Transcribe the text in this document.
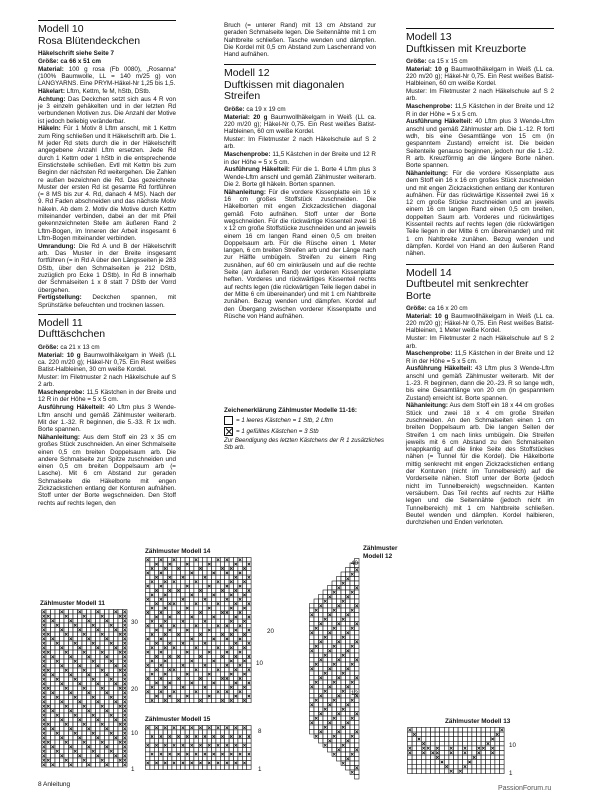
Modell 10
Rosa Blütendeckchen

Häkelschrift siehe Seite 7

Größe: ca 66 x 51 cm

Material: 100 g rosa (Fb 0080), „Rosanna“ (100% Baumwolle, LL = 140 m/25 g) von LANGYARNS. Eine PRYM-Häkel-Nr 1,25 bis 1,5.

Häkelart: Lftm, Kettm, fe M, hStb, DStb.

Achtung: Das Deckchen setzt sich aus 4 R von je 3 einzeln gehäkelten und in der letzten Rd verbundenen Motiven zus. Die Anzahl der Motive ist jedoch beliebig veränderbar.

Häkeln: Für 1 Motiv 8 Lftm anschl, mit 1 Kettm zum Ring schließen und lt Häkelschrift arb. Die 1. M jeder Rd stets durch die in der Häkelschrift angegebene Anzahl Lftm ersetzen. Jede Rd durch 1 Kettm oder 1 hStb in die entsprechende Einstichstelle schließen. Evtl mit Kettm bis zum Beginn der nächsten Rd weitergehen. Die Zahlen re außen bezeichnen die Rd. Das gezeichnete Muster der ersten Rd ist gesamte Rd fortführen (= 8 MS bis zur 4. Rd, danach 4 MS). Nach der 9. Rd Faden abschneiden und das nächste Motiv häkeln. Ab dem 2. Motiv die Motive durch Kettm miteinander verbinden, dabei an der mit Pfeil gekennzeichneten Stelle am äußeren Rand 2 Lftm-Bogen, im Inneren der Arbeit insgesamt 6 Lftm-Bogen miteinander verbinden.

Umrandung: Die Rd A und B der Häkelschrift arb. Das Muster in der Breite insgesamt fortführen (= in Rd A über den Längsseiten je 283 DStb, über den Schmalseiten je 212 DStb, zuzüglich pro Ecke 1 DStb). In Rd B innerhalb der Schmalseiten 1 x 8 statt 7 DStb der Vorrd übergehen.

Fertigstellung: Deckchen spannen, mit Sprühstärke befeuchten und trocknen lassen.

Modell 11
Dufttäschchen

Größe: ca 21 x 13 cm

Material: 10 g Baumwollhäkelgarn in Weiß (LL ca. 220 m/20 g); Häkel-Nr 0,75. Ein Rest weißes Batist-Halbleinen, 30 cm weiße Kordel.

Muster: Im Filetmuster 2 nach Häkelschule auf S 2 arb.

Maschenprobe: 11,5 Kästchen in der Breite und 12 R in der Höhe = 5 x 5 cm.

Ausführung Häkelteil: 40 Lftm plus 3 Wende-Lftm anschl und gemäß Zählmuster weiterarb. Mit der 1.-32. R beginnen, die 5.-33. R 1x wdh. Borte spannen.

Nähanleitung: Aus dem Stoff ein 23 x 35 cm großes Stück zuschneiden. An einer Schmalseite einen 0,5 cm breiten Doppelsaum arb. Die andere Schmalseite zur Spitze zuschneiden und einen 0,5 cm breiten Doppelsaum arb (= Lasche). Mit 6 cm Abstand zur geraden Schmalseite die Häkelborte mit engen Zickzackstichen entlang der Konturen aufnähen. Stoff unter der Borte wegschneiden. Den Stoff rechts auf rechts legen, den

Bruch (= unterer Rand) mit 13 cm Abstand zur geraden Schmalseite legen. Die Seitennähte mit 1 cm Nahtbreite schließen. Tasche wenden und dämpfen. Die Kordel mit 0,5 cm Abstand zum Laschenrand von Hand aufnähen.

Modell 12
Duftkissen mit diagonalen Streifen

Größe: ca 19 x 19 cm

Material: 20 g Baumwollhäkelgarn in Weiß (LL ca. 220 m/20 g); Häkel-Nr 0,75. Ein Rest weißes Batist-Halbleinen, 60 cm weiße Kordel.

Muster: Im Filetmuster 2 nach Häkelschule auf S 2 arb.

Maschenprobe: 11,5 Kästchen in der Breite und 12 R in der Höhe = 5 x 5 cm.

Ausführung Häkelteil: Für die 1. Borte 4 Lftm plus 3 Wende-Lftm anschl und gemäß Zählmuster weiterarb. Die 2. Borte gll häkeln. Borten spannen.

Nähanleitung: Für die vordere Kissenplatte ein 16 x 16 cm großes Stoffstück zuschneiden. Die Häkelborten mit engen Zickzackstichen diagonal gemäß Foto aufnähen. Stoff unter der Borte wegschneiden. Für die rückwärtige Kissenteil zwei 16 x 12 cm große Stoffstücke zuschneiden und an jeweils einem 16 cm langen Rand einen 0,5 cm breiten Doppelsaum arb. Für die Rüsche einen 1 Meter langen, 6 cm breiten Streifen arb und der Länge nach zur Hälfte umbügeln. Streifen zu einem Ring zusnähen, auf 60 cm einkräuseln und auf die rechte Seite (am äußeren Rand) der vorderen Kissenplatte heften. Vorderes und rückwärtiges Kissenteil rechts auf rechts legen (die rückwärtigen Teile liegen dabei in der Mitte 6 cm übereinander) und mit 1 cm Nahtbreite zunähen. Bezug wenden und dämpfen. Kordel auf den Übergang zwischen vorderer Kissenplatte und Rüsche von Hand aufnähen.

Zeichenerklärung Zählmuster Modelle 11-16:

= 1 leeres Kästchen = 1 Stb, 2 Lftm
= 1 gefülltes Kästchen = 3 Stb

Zur Beendigung des letzten Kästchens der R 1 zusätzliches Stb arb.

Modell 13
Duftkissen mit Kreuzborte

Größe: ca 15 x 15 cm

Material: 10 g Baumwollhäkelgarn in Weiß (LL ca. 220 m/20 g); Häkel-Nr 0,75. Ein Rest weißes Batist-Halbleinen, 60 cm weiße Kordel.

Muster: Im Filetmuster 2 nach Häkelschule auf S 2 arb.

Maschenprobe: 11,5 Kästchen in der Breite und 12 R in der Höhe = 5 x 5 cm.

Ausführung Häkelteil: 40 Lftm plus 3 Wende-Lftm anschl und gemäß Zählmuster arb. Die 1.-12. R fortl wdh, bis eine Gesamtlänge von 15 cm (in gespanntem Zustand) erreicht ist. Die beiden Seitenteile genauso beginnen, jedoch nur die 1.-12. R arb. Kreuzförmig an die längere Borte nähen. Borte spannen.

Nähanleitung: Für die vordere Kissenplatte aus dem Stoff ein 16 x 16 cm großes Stück zuschneiden und mit engen Zickzackstichen entlang der Konturen aufnähen. Für das rückwärtige Kissenteil zwei 16 x 12 cm große Stücke zuschneiden und an jeweils einem 16 cm langen Rand einen 0,5 cm breiten, doppelten Saum arb. Vorderes und rückwärtiges Kissenteil rechts auf rechts legen (die rückwärtigen Teile liegen in der Mitte 6 cm übereinander) und mit 1 cm Nahtbreite zunähen. Bezug wenden und dämpfen. Kordel von Hand an den äußeren Rand nähen.

Modell 14
Duftbeutel mit senkrechter Borte

Größe: ca 16 x 20 cm

Material: 10 g Baumwollhäkelgarn in Weiß (LL ca. 220 m/20 g); Häkel-Nr 0,75. Ein Rest weißes Batist-Halbleinen, 1 Meter weiße Kordel.

Muster: Im Filetmuster 2 nach Häkelschule auf S 2 arb.

Maschenprobe: 11,5 Kästchen in der Breite und 12 R in der Höhe = 5 x 5 cm.

Ausführung Häkelteil: 43 Lftm plus 3 Wende-Lftm anschl und gemäß Zählmuster weiterarb. Mit der 1.-23. R beginnen, dann die 20.-23. R so lange wdh, bis eine Gesamtlänge von 20 cm (in gespanntem Zustand) erreicht ist. Borte spannen.

Nähanleitung: Aus dem Stoff ein 18 x 44 cm großes Stück und zwei 18 x 4 cm große Streifen zuschneiden. An den Schmalseiten einen 1 cm breiten Doppelsaum arb. Die langen Seiten der Streifen 1 cm nach links umbügeln. Die Streifen jeweils mit 6 cm Abstand zu den Schmalseiten knappkantig auf die linke Seite des Stoffstückes nähen (= Tunnel für die Kordel). Die Häkelborte mittig senkrecht mit engen Zickzackstichen entlang der Konturen (nicht im Tunnelbereich) auf die Vorderseite nähen. Stoff unter der Borte (jedoch nicht im Tunnelbereich) wegschneiden. Kanten versäubern. Das Teil rechts auf rechts zur Hälfte legen und die Seitennähte (jedoch nicht im Tunnelbereich) mit 1 cm Nahtbreite schließen. Beutel wenden und dämpfen. Kordel halbieren, durchziehen und Enden verknoten.

Zählmuster Modell 11
30
20
10
1
Zählmuster Modell 14
20
10
Zählmuster Modell 15
8
1
Zählmuster
Modell 12
40
12
Zählmuster Modell 13
10
1
8 Anleitung
PassionForum.ru
